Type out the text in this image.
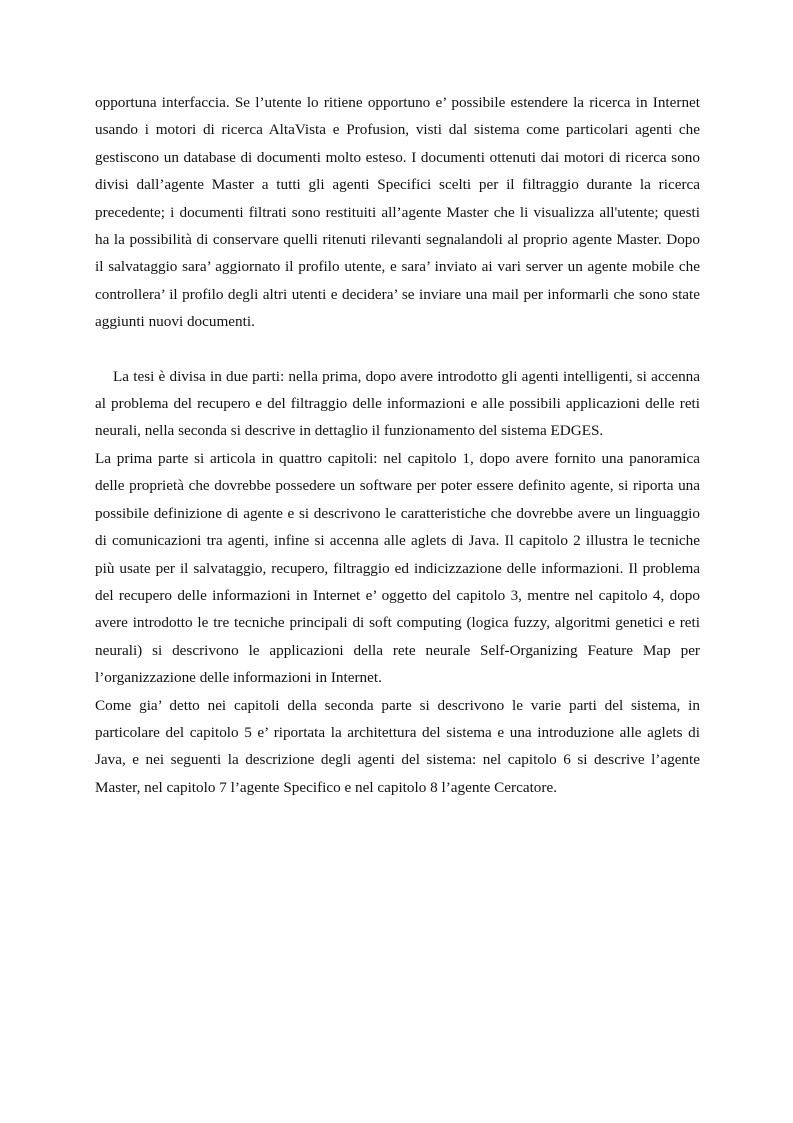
opportuna interfaccia. Se l’utente lo ritiene opportuno e’ possibile estendere la ricerca in Internet usando i motori di ricerca AltaVista e Profusion, visti dal sistema come particolari agenti che gestiscono un database di documenti molto esteso. I documenti ottenuti dai motori di ricerca sono divisi dall’agente Master a tutti gli agenti Specifici scelti per il filtraggio durante la ricerca precedente; i documenti filtrati sono restituiti all’agente Master che li visualizza all'utente; questi ha la possibilità di conservare quelli ritenuti rilevanti segnalandoli al proprio agente Master. Dopo il salvataggio sara’ aggiornato il profilo utente, e sara’ inviato ai vari server un agente mobile che controllera’ il profilo degli altri utenti e decidera’ se inviare una mail per informarli che sono state aggiunti nuovi documenti.

La tesi è divisa in due parti: nella prima, dopo avere introdotto gli agenti intelligenti, si accenna al problema del recupero e del filtraggio delle informazioni e alle possibili applicazioni delle reti neurali, nella seconda si descrive in dettaglio il funzionamento del sistema EDGES.

La prima parte si articola in quattro capitoli: nel capitolo 1, dopo avere fornito una panoramica delle proprietà che dovrebbe possedere un software per poter essere definito agente, si riporta una possibile definizione di agente e si descrivono le caratteristiche che dovrebbe avere un linguaggio di comunicazioni tra agenti, infine si accenna alle aglets di Java. Il capitolo 2 illustra le tecniche più usate per il salvataggio, recupero, filtraggio ed indicizzazione delle informazioni. Il problema del recupero delle informazioni in Internet e’ oggetto del capitolo 3, mentre nel capitolo 4, dopo avere introdotto le tre tecniche principali di soft computing (logica fuzzy, algoritmi genetici e reti neurali) si descrivono le applicazioni della rete neurale Self-Organizing Feature Map per l’organizzazione delle informazioni in Internet.

Come gia’ detto nei capitoli della seconda parte si descrivono le varie parti del sistema, in particolare del capitolo 5 e’ riportata la architettura del sistema e una introduzione alle aglets di Java, e nei seguenti la descrizione degli agenti del sistema: nel capitolo 6 si descrive l’agente Master, nel capitolo 7 l’agente Specifico e nel capitolo 8 l’agente Cercatore.
